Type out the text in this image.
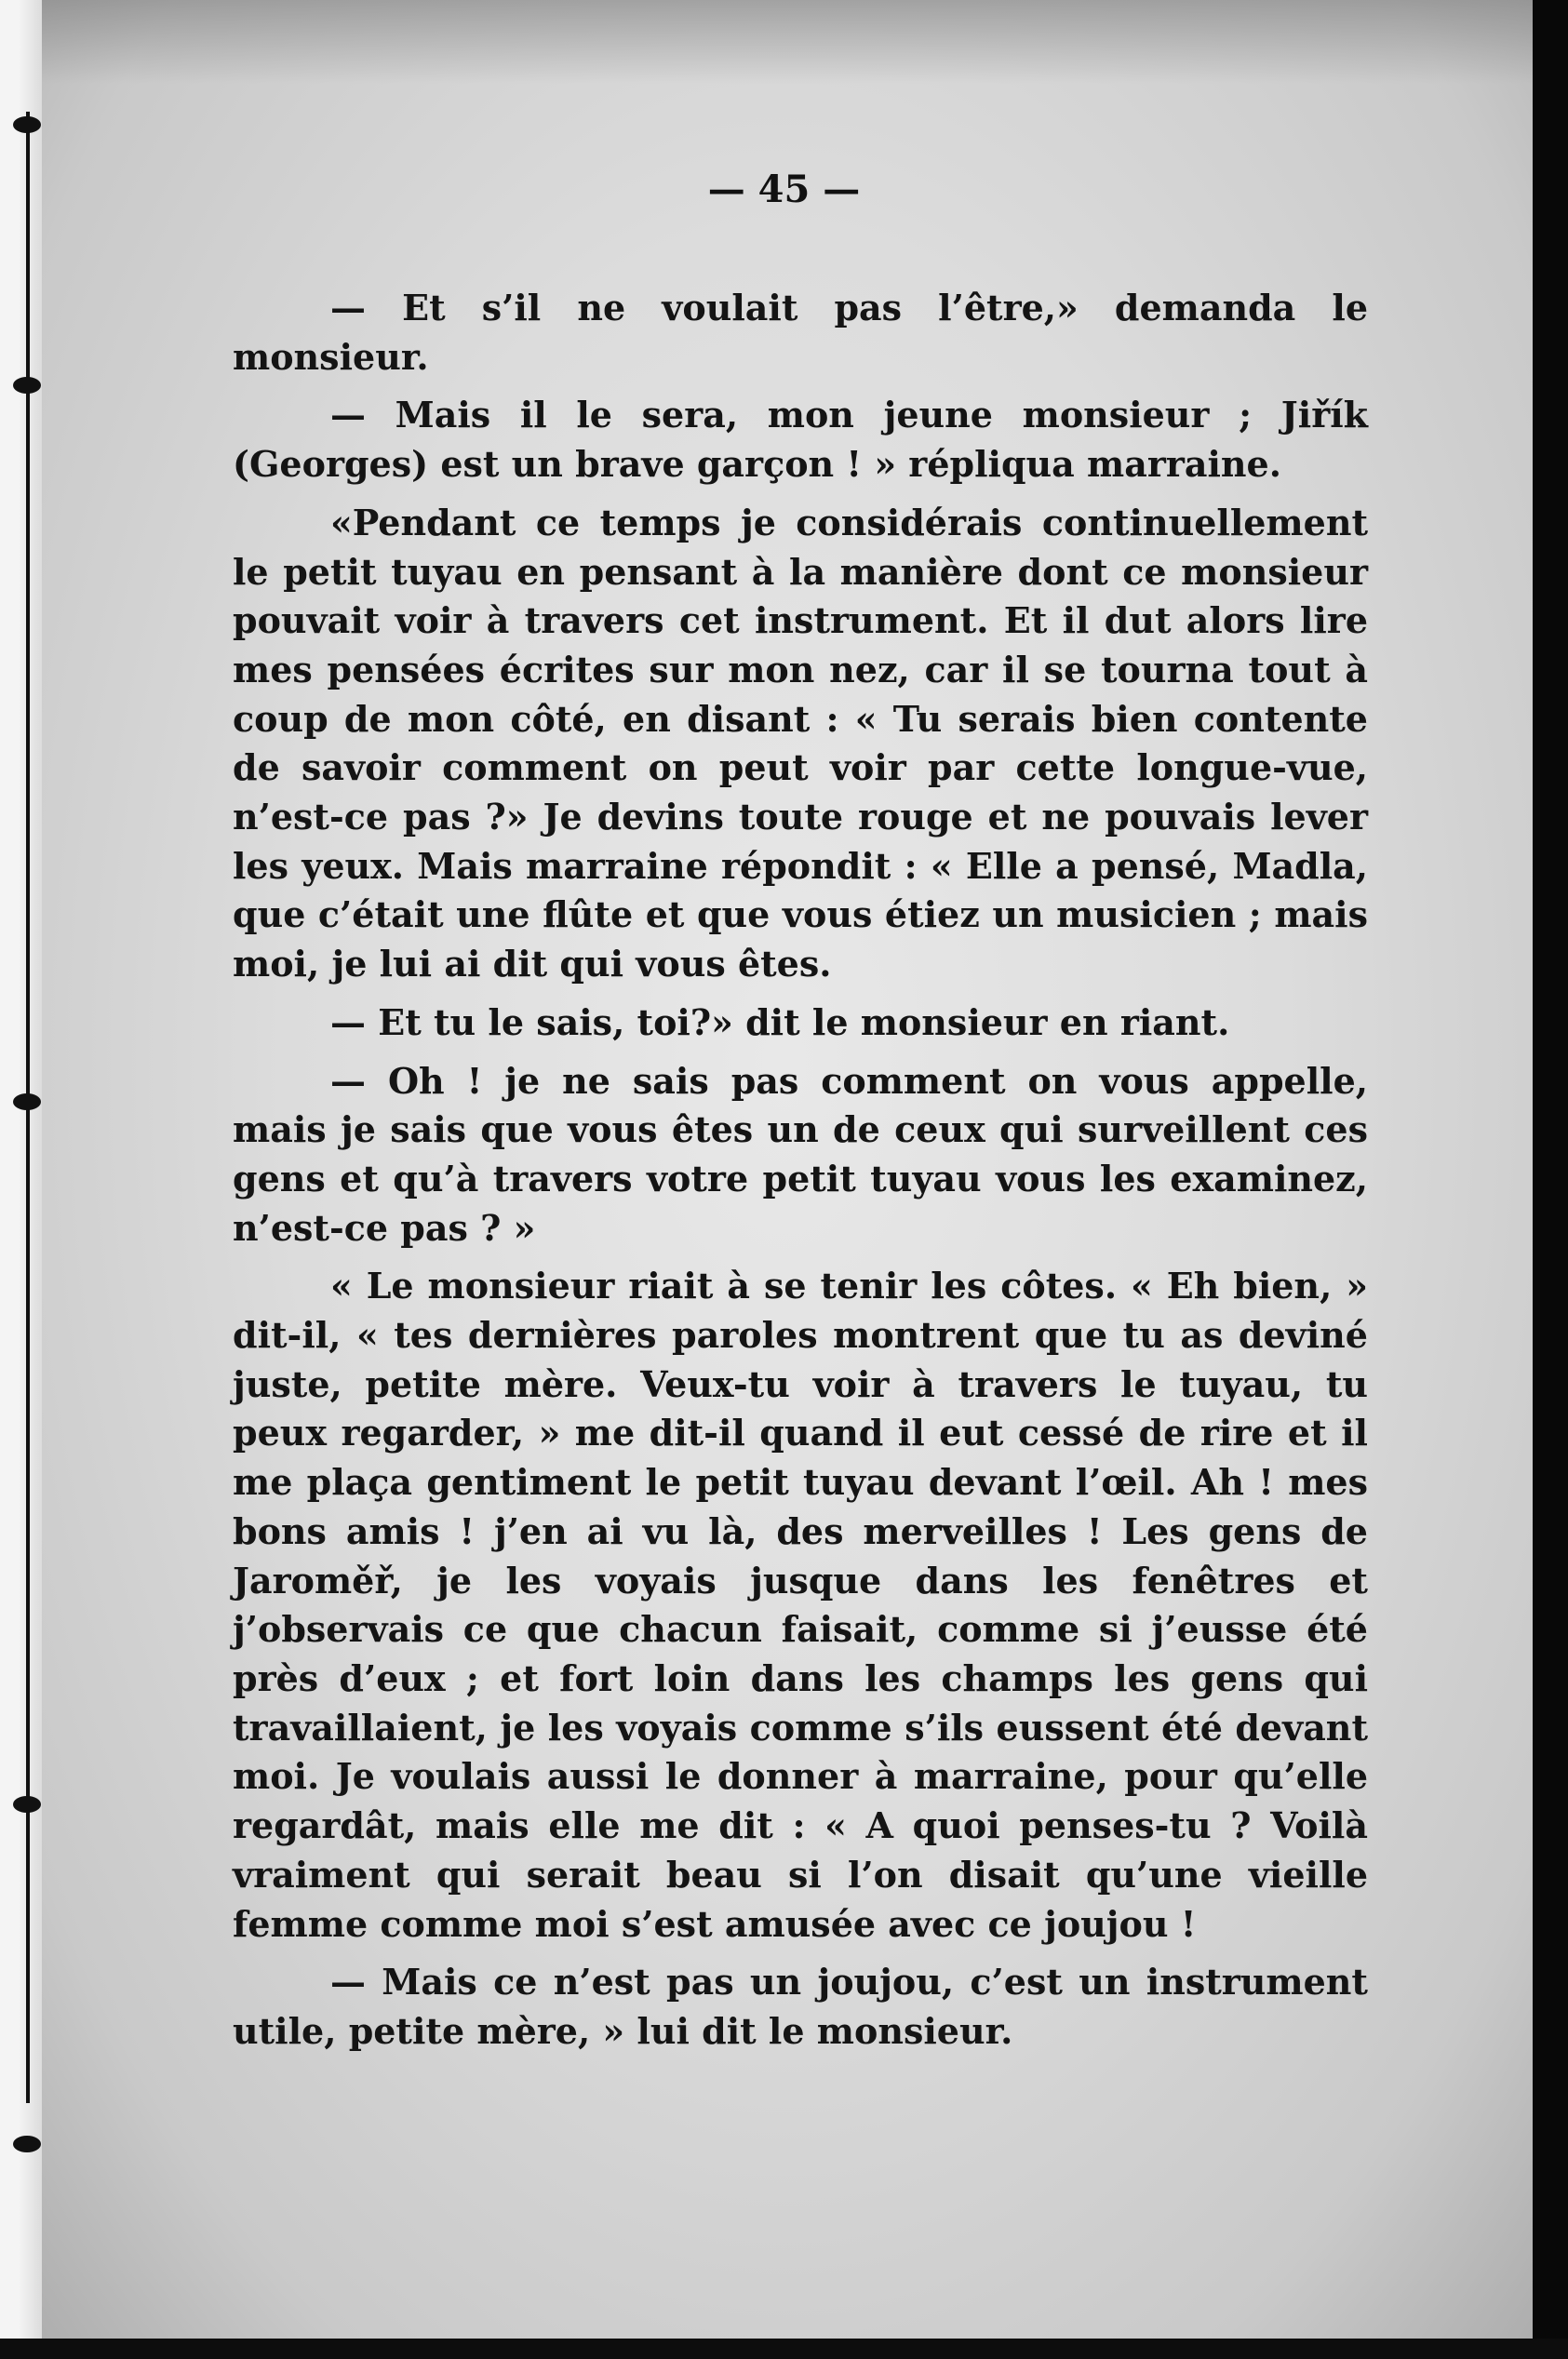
— 45 —

— Et s’il ne voulait pas l’être,» demanda le monsieur.

— Mais il le sera, mon jeune monsieur ; Jiřík (Georges) est un brave garçon ! » répliqua marraine.

«Pendant ce temps je considérais continuellement le petit tuyau en pensant à la manière dont ce monsieur pouvait voir à travers cet instrument. Et il dut alors lire mes pensées écrites sur mon nez, car il se tourna tout à coup de mon côté, en disant : « Tu serais bien contente de savoir comment on peut voir par cette longue-vue, n’est-ce pas ?» Je devins toute rouge et ne pouvais lever les yeux. Mais marraine répondit : « Elle a pensé, Madla, que c’était une flûte et que vous étiez un musicien ; mais moi, je lui ai dit qui vous êtes.

— Et tu le sais, toi?» dit le monsieur en riant.

— Oh ! je ne sais pas comment on vous appelle, mais je sais que vous êtes un de ceux qui surveillent ces gens et qu’à travers votre petit tuyau vous les examinez, n’est-ce pas ? »

« Le monsieur riait à se tenir les côtes. « Eh bien, » dit-il, « tes dernières paroles montrent que tu as deviné juste, petite mère. Veux-tu voir à travers le tuyau, tu peux regarder, » me dit-il quand il eut cessé de rire et il me plaça gentiment le petit tuyau devant l’œil. Ah ! mes bons amis ! j’en ai vu là, des merveilles ! Les gens de Jaroměř, je les voyais jusque dans les fenêtres et j’observais ce que chacun faisait, comme si j’eusse été près d’eux ; et fort loin dans les champs les gens qui travaillaient, je les voyais comme s’ils eussent été devant moi. Je voulais aussi le donner à marraine, pour qu’elle regardât, mais elle me dit : « A quoi penses-tu ? Voilà vraiment qui serait beau si l’on disait qu’une vieille femme comme moi s’est amusée avec ce joujou !

— Mais ce n’est pas un joujou, c’est un instrument utile, petite mère, » lui dit le monsieur.
